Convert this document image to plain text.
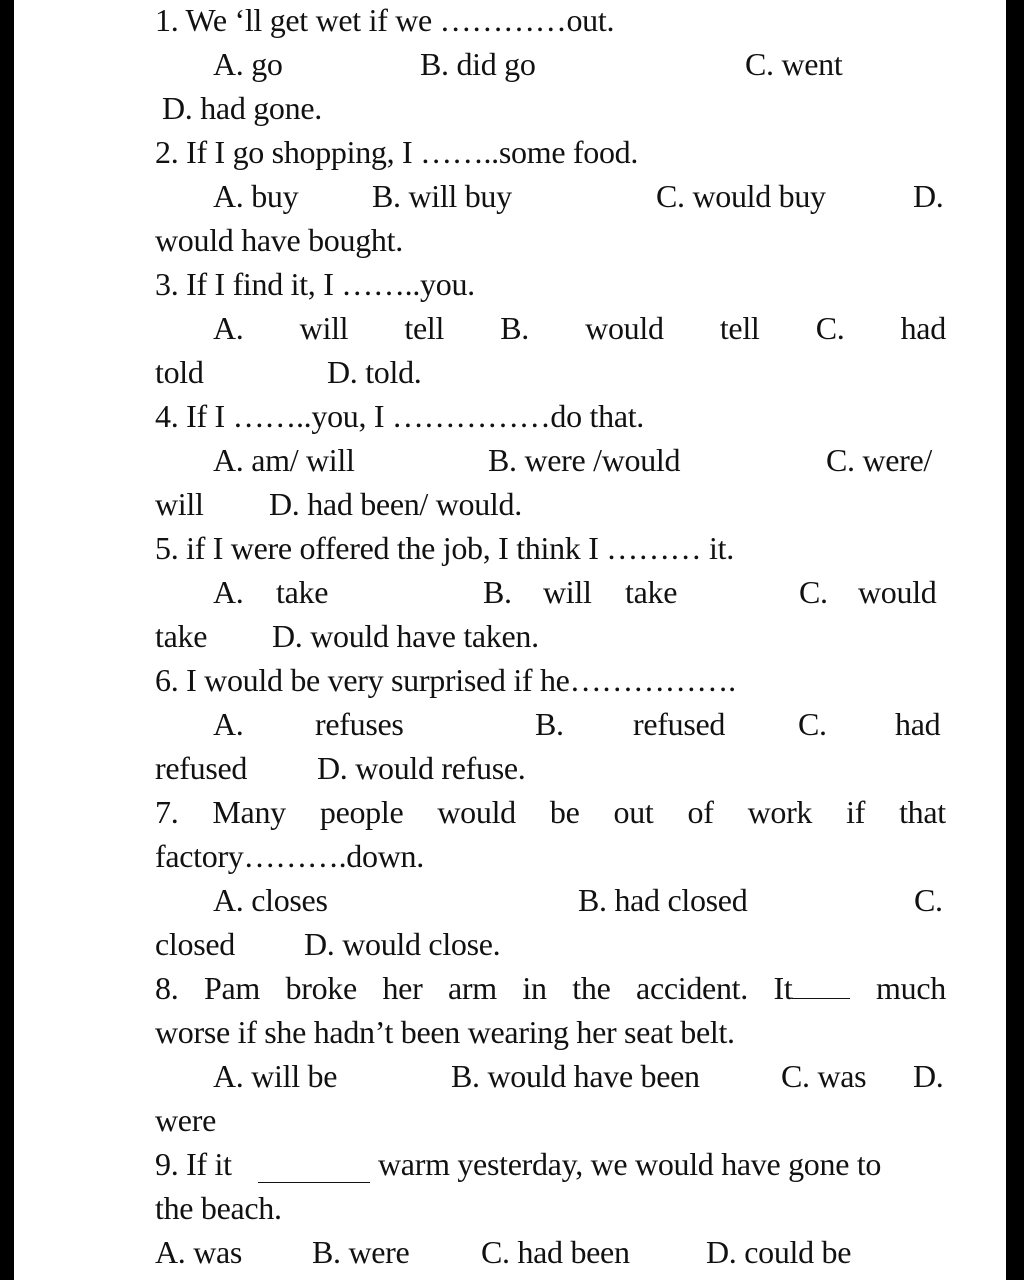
1. We ‘ll get wet if we …………out.
A. go	B. did go	C. went
D. had gone.
2. If I go shopping, I ……..some food.
A. buy B. will buy	C. would buy	D.
would have bought.
3. If I find it, I ……..you.
A. will tell B. would tell C. had
told	D. told.
4. If I ……..you, I ……………do that.
A. am/ will	B. were /would	C. were/
will D. had been/ would.
5. if I were offered the job, I think I ……… it.
A. take	B. will take	C. would
take D. would have taken.
6. I would be very surprised if he…………….
A. refuses	B. refused C. had
refused D. would refuse.
7. Many people would be out of work if that
factory……….down.
A. closes	B. had closed	C.
closed D. would close.
8. Pam broke her arm in the accident. It	much
worse if she hadn’t been wearing her seat belt.
A. will be	B. would have been	C. was D.
were
9. If it	warm yesterday, we would have gone to
the beach.
A. was B. were C. had been D. could be
